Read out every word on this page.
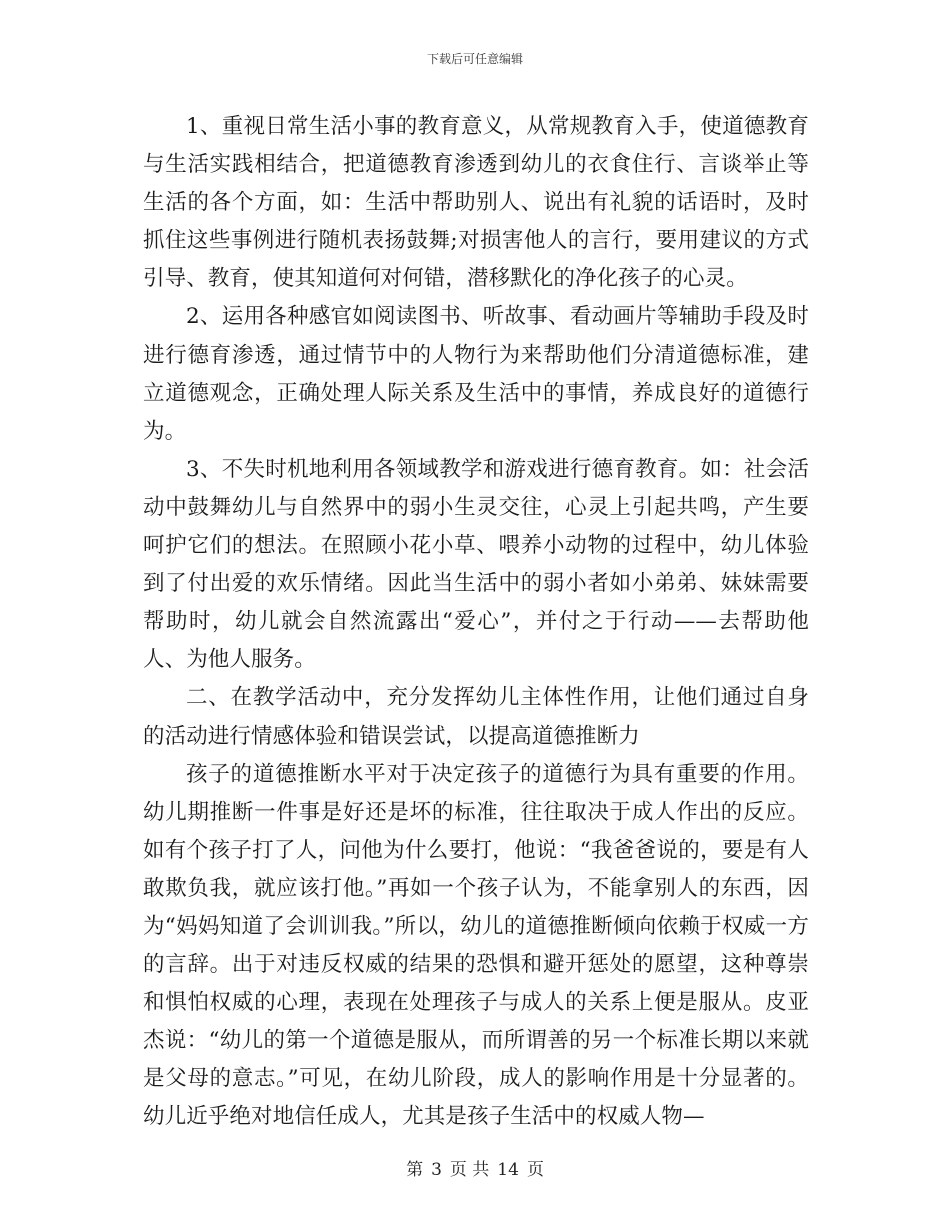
下载后可任意编辑

1、重视日常生活小事的教育意义，从常规教育入手，使道德教育与生活实践相结合，把道德教育渗透到幼儿的衣食住行、言谈举止等生活的各个方面，如：生活中帮助别人、说出有礼貌的话语时，及时抓住这些事例进行随机表扬鼓舞;对损害他人的言行，要用建议的方式引导、教育，使其知道何对何错，潜移默化的净化孩子的心灵。

2、运用各种感官如阅读图书、听故事、看动画片等辅助手段及时进行德育渗透，通过情节中的人物行为来帮助他们分清道德标准，建立道德观念，正确处理人际关系及生活中的事情，养成良好的道德行为。

3、不失时机地利用各领域教学和游戏进行德育教育。如：社会活动中鼓舞幼儿与自然界中的弱小生灵交往，心灵上引起共鸣，产生要呵护它们的想法。在照顾小花小草、喂养小动物的过程中，幼儿体验到了付出爱的欢乐情绪。因此当生活中的弱小者如小弟弟、妹妹需要帮助时，幼儿就会自然流露出“爱心”，并付之于行动——去帮助他人、为他人服务。

二、在教学活动中，充分发挥幼儿主体性作用，让他们通过自身的活动进行情感体验和错误尝试，以提高道德推断力

孩子的道德推断水平对于决定孩子的道德行为具有重要的作用。幼儿期推断一件事是好还是坏的标准，往往取决于成人作出的反应。如有个孩子打了人，问他为什么要打，他说：“我爸爸说的，要是有人敢欺负我，就应该打他。”再如一个孩子认为，不能拿别人的东西，因为“妈妈知道了会训训我。”所以，幼儿的道德推断倾向依赖于权威一方的言辞。出于对违反权威的结果的恐惧和避开惩处的愿望，这种尊崇和惧怕权威的心理，表现在处理孩子与成人的关系上便是服从。皮亚杰说：“幼儿的第一个道德是服从，而所谓善的另一个标准长期以来就是父母的意志。”可见，在幼儿阶段，成人的影响作用是十分显著的。幼儿近乎绝对地信任成人，尤其是孩子生活中的权威人物—

第 3 页 共 14 页
